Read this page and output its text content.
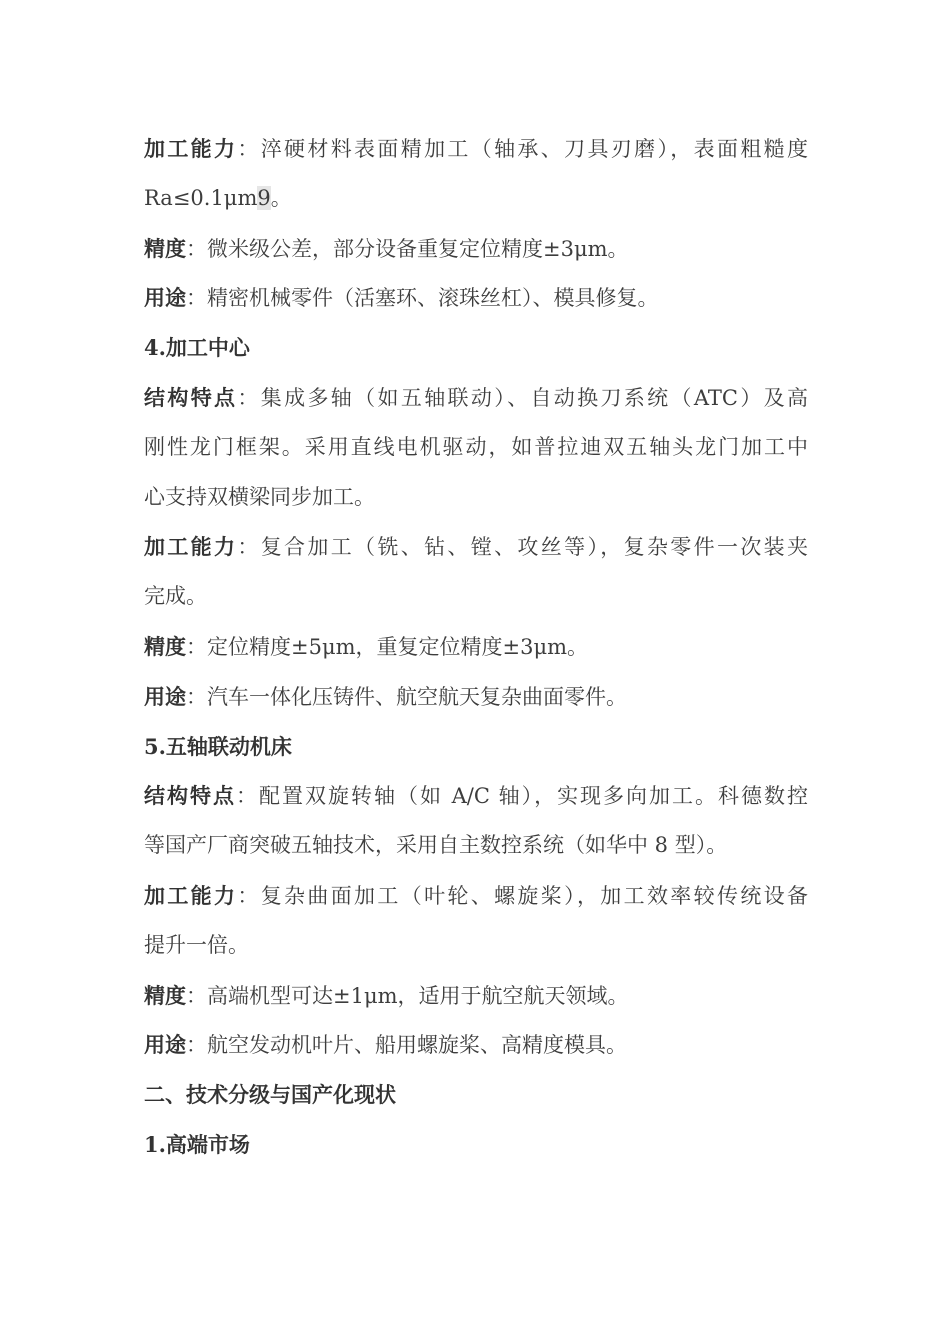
加工能力：淬硬材料表面精加工（轴承、刀具刃磨），表面粗糙度
Ra≤0.1μm9。
精度：微米级公差，部分设备重复定位精度±3μm。
用途：精密机械零件（活塞环、滚珠丝杠）、模具修复。
4.加工中心
结构特点：集成多轴（如五轴联动）、自动换刀系统（ATC）及高
刚性龙门框架。采用直线电机驱动，如普拉迪双五轴头龙门加工中
心支持双横梁同步加工。
加工能力：复合加工（铣、钻、镗、攻丝等），复杂零件一次装夹
完成。
精度：定位精度±5μm，重复定位精度±3μm。
用途：汽车一体化压铸件、航空航天复杂曲面零件。
5.五轴联动机床
结构特点：配置双旋转轴（如 A/C 轴），实现多向加工。科德数控
等国产厂商突破五轴技术，采用自主数控系统（如华中 8 型）。
加工能力：复杂曲面加工（叶轮、螺旋桨），加工效率较传统设备
提升一倍。
精度：高端机型可达±1μm，适用于航空航天领域。
用途：航空发动机叶片、船用螺旋桨、高精度模具。
二、技术分级与国产化现状
1.高端市场
